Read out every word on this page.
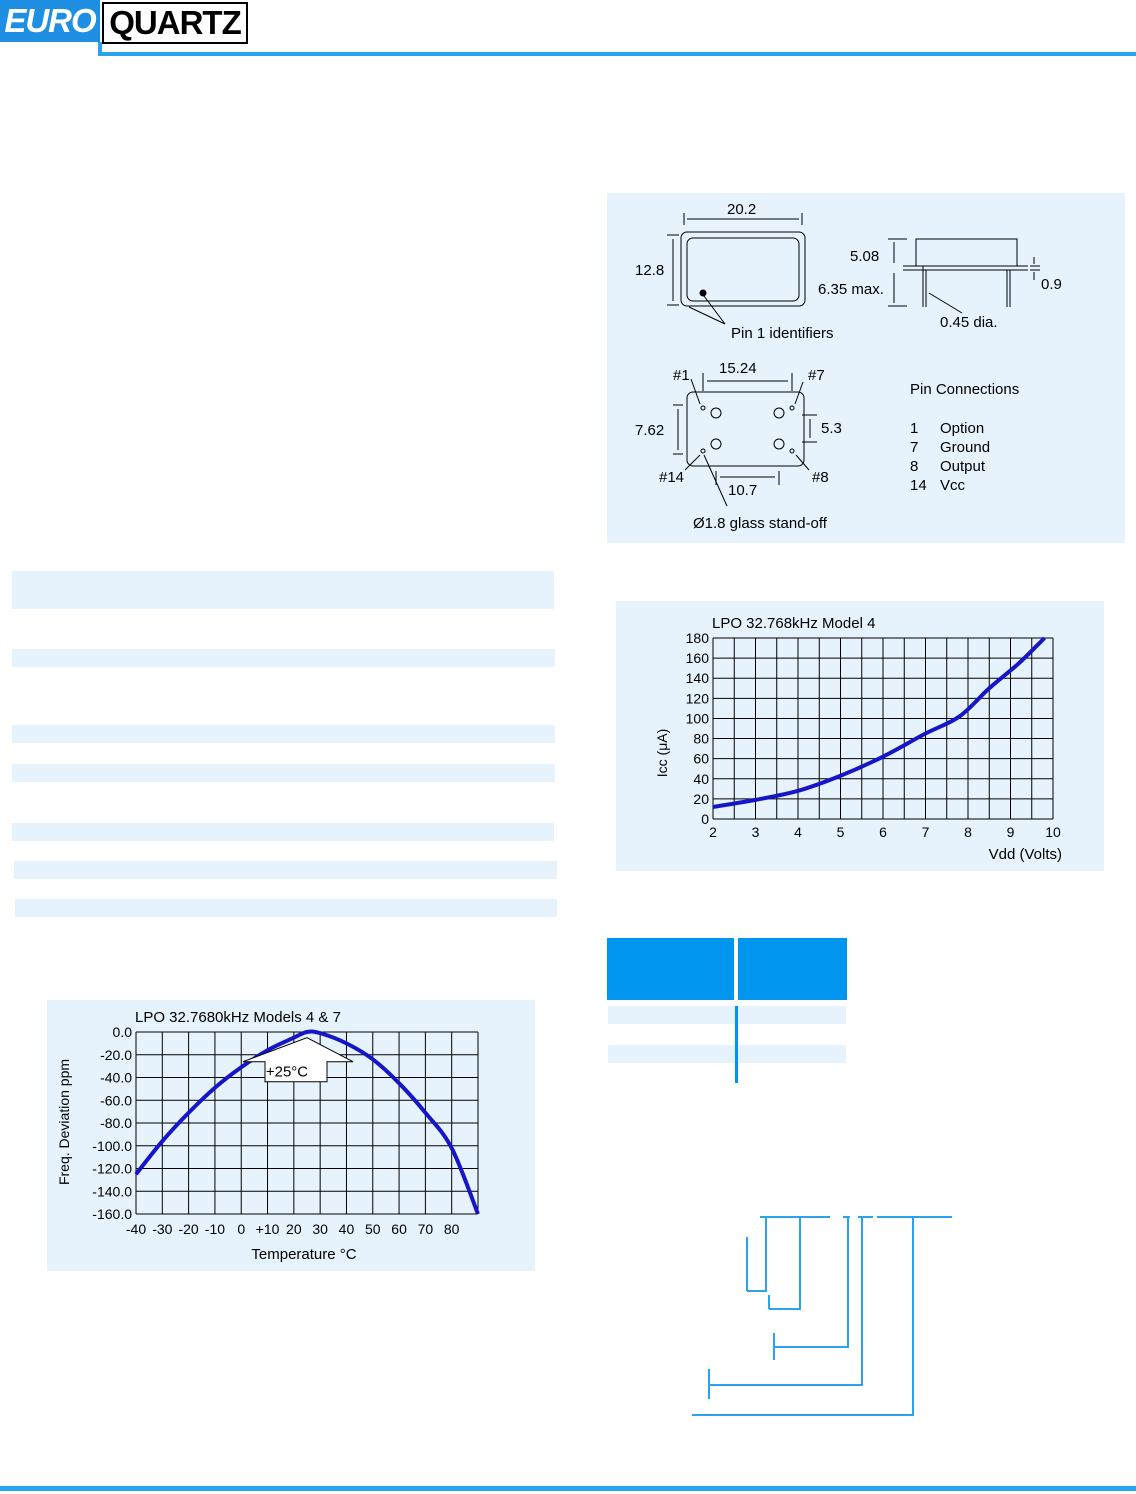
EURO QUARTZ
20.2
12.8
Pin 1 identifiers
5.08
6.35 max.	0.9
0.45 dia.
15.24
7.62	5.3
10.7
#1	#7
#14	#8
Ø1.8 glass stand-off
Pin Connections
1 Option
7 Ground
8 Output
14 Vcc
LPO 32.768kHz Model 4
Icc (μA)
Vdd (Volts)
0
20
40
60
80
100
120
140
160
180
2 3 4 5 6 7 8 9 10
LPO 32.7680kHz Models 4 & 7
Freq. Deviation ppm
Temperature °C
0.0
-20.0
-40.0
-60.0
-80.0
-100.0
-120.0
-140.0
-160.0
-40 -30 -20 -10 0 +10 20 30 40 50 60 70 80
+25°C
